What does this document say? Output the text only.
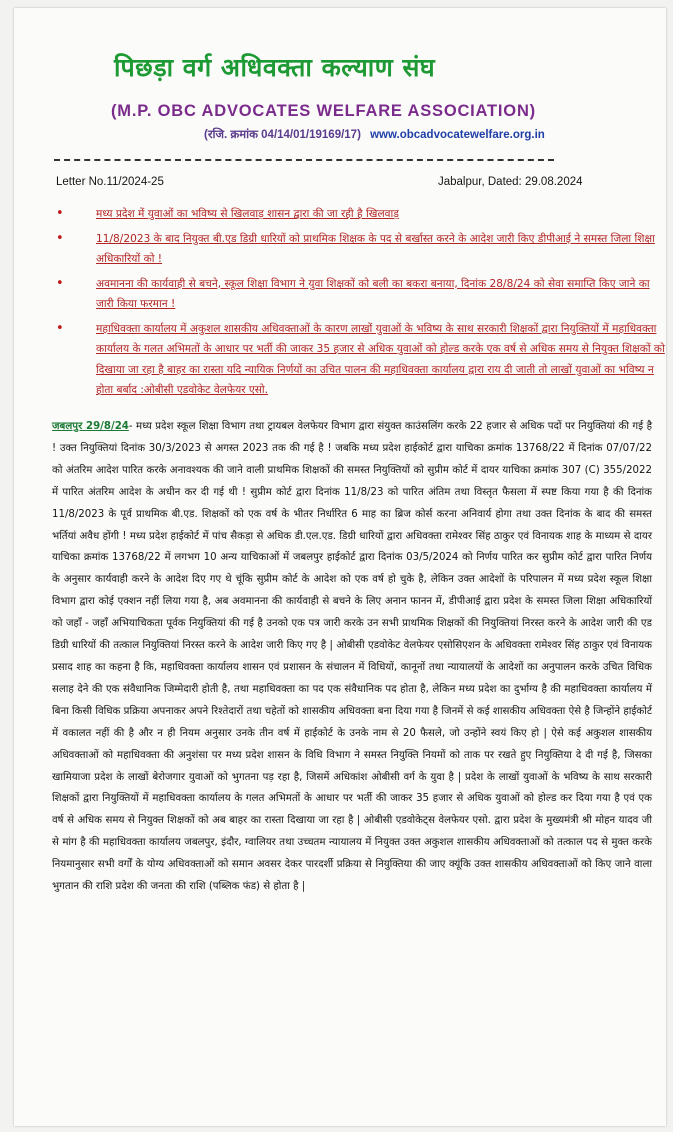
पिछड़ा वर्ग अधिवक्ता कल्याण संघ
(M.P. OBC ADVOCATES WELFARE ASSOCIATION)
(रजि. क्रमांक 04/14/01/19169/17) www.obcadvocatewelfare.org.in
Letter No.11/2024-25	Jabalpur, Dated: 29.08.2024
•	मध्य प्रदेश में युवाओं का भविष्य से खिलवाड़ शासन द्वारा की जा रही है खिलवाड़
•	11/8/2023 के बाद नियुक्त बी.एड डिग्री धारियों को प्राथमिक शिक्षक के पद से बर्खास्त करने के आदेश जारी किए डीपीआई ने समस्त जिला शिक्षा अधिकारियों को !
•	अवमानना की कार्यवाही से बचने, स्कूल शिक्षा विभाग ने युवा शिक्षकों को बली का बकरा बनाया, दिनांक 28/8/24 को सेवा समाप्ति किए जाने का जारी किया फरमान !
•	महाधिवक्ता कार्यालय में अकुशल शासकीय अधिवक्ताओं के कारण लाखों युवाओं के भविष्य के साथ सरकारी शिक्षकों द्वारा नियुक्तियों में महाधिवक्ता कार्यालय के गलत अभिमतों के आधार पर भर्ती की जाकर 35 हजार से अधिक युवाओं को होल्ड करके एक वर्ष से अधिक समय से नियुक्त शिक्षकों को दिखाया जा रहा है बाहर का रास्ता यदि न्यायिक निर्णयों का उचित पालन की महाधिवक्ता कार्यालय द्वारा राय दी जाती तो लाखों युवाओं का भविष्य न होता बर्बाद :ओबीसी एडवोकेट वेलफेयर एसो.
जबलपुर 29/8/24- मध्य प्रदेश स्कूल शिक्षा विभाग तथा ट्रायबल वेलफेयर विभाग द्वारा संयुक्त काउंसलिंग करके 22 हजार से अधिक पदों पर नियुक्तियां की गई है ! उक्त नियुक्तियां दिनांक 30/3/2023 से अगस्त 2023 तक की गई है ! जबकि मध्य प्रदेश हाईकोर्ट द्वारा याचिका क्रमांक 13768/22 में दिनांक 07/07/22 को अंतरिम आदेश पारित करके अनावश्यक की जाने वाली प्राथमिक शिक्षकों की समस्त नियुक्तियों को सुप्रीम कोर्ट में दायर याचिका क्रमांक 307 (C) 355/2022 में पारित अंतरिम आदेश के अधीन कर दी गई थी ! सुप्रीम कोर्ट द्वारा दिनांक 11/8/23 को पारित अंतिम तथा विस्तृत फैसला में स्पष्ट किया गया है की दिनांक 11/8/2023 के पूर्व प्राथमिक बी.एड. शिक्षकों को एक वर्ष के भीतर निर्धारित 6 माह का ब्रिज कोर्स करना अनिवार्य होगा तथा उक्त दिनांक के बाद की समस्त भर्तियां अवैध होंगी ! मध्य प्रदेश हाईकोर्ट में पांच सैकड़ा से अधिक डी.एल.एड. डिग्री धारियों द्वारा अधिवक्ता रामेश्वर सिंह ठाकुर एवं विनायक शाह के माध्यम से दायर याचिका क्रमांक 13768/22 में लगभग 10 अन्य याचिकाओं में जबलपुर हाईकोर्ट द्वारा दिनांक 03/5/2024 को निर्णय पारित कर सुप्रीम कोर्ट द्वारा पारित निर्णय के अनुसार कार्यवाही करने के आदेश दिए गए थे चूंकि सुप्रीम कोर्ट के आदेश को एक वर्ष हो चुके है, लेकिन उक्त आदेशों के परिपालन में मध्य प्रदेश स्कूल शिक्षा विभाग द्वारा कोई एक्शन नहीं लिया गया है, अब अवमानना की कार्यवाही से बचने के लिए अनान फानन में, डीपीआई द्वारा प्रदेश के समस्त जिला शिक्षा अधिकारियों को जहाँ - जहाँ अभियाचिकता पूर्वक नियुक्तियां की गई है उनको एक पत्र जारी करके उन सभी प्राथमिक शिक्षकों की नियुक्तियां निरस्त करने के आदेश जारी की एड डिग्री धारियों की तत्काल नियुक्तियां निरस्त करने के आदेश जारी किए गए है | ओबीसी एडवोकेट वेलफेयर एसोसिएशन के अधिवक्ता रामेश्वर सिंह ठाकुर एवं विनायक प्रसाद शाह का कहना है कि, महाधिवक्ता कार्यालय शासन एवं प्रशासन के संचालन में विधियों, कानूनों तथा न्यायालयों के आदेशों का अनुपालन करके उचित विधिक सलाह देने की एक संवैधानिक जिम्मेदारी होती है, तथा महाधिवक्ता का पद एक संवैधानिक पद होता है, लेकिन मध्य प्रदेश का दुर्भाग्य है की महाधिवक्ता कार्यालय में बिना किसी विधिक प्रक्रिया अपनाकर अपने रिश्तेदारों तथा चहेतों को शासकीय अधिवक्ता बना दिया गया है जिनमें से कई शासकीय अधिवक्ता ऐसे है जिन्होंने हाईकोर्ट में वकालत नहीं की है और न ही नियम अनुसार उनके तीन वर्ष में हाईकोर्ट के उनके नाम से 20 फैसले, जो उन्होंने स्वयं किए हो | ऐसे कई अकुशल शासकीय अधिवक्ताओं को महाधिवक्ता की अनुशंसा पर मध्य प्रदेश शासन के विधि विभाग ने समस्त नियुक्ति नियमों को ताक पर रखते हुए नियुक्तिया दे दी गई है, जिसका खामियाजा प्रदेश के लाखों बेरोजगार युवाओं को भुगतना पड़ रहा है, जिसमें अधिकांश ओबीसी वर्ग के युवा है | प्रदेश के लाखों युवाओं के भविष्य के साथ सरकारी शिक्षकों द्वारा नियुक्तियों में महाधिवक्ता कार्यालय के गलत अभिमतों के आधार पर भर्ती की जाकर 35 हजार से अधिक युवाओं को होल्ड कर दिया गया है एवं एक वर्ष से अधिक समय से नियुक्त शिक्षकों को अब बाहर का रास्ता दिखाया जा रहा है | ओबीसी एडवोकेट्स वेलफेयर एसो. द्वारा प्रदेश के मुख्यमंत्री श्री मोहन यादव जी से मांग है की महाधिवक्ता कार्यालय जबलपुर, इंदौर, ग्वालियर तथा उच्चतम न्यायालय में नियुक्त उक्त अकुशल शासकीय अधिवक्ताओं को तत्काल पद से मुक्त करके नियमानुसार सभी वर्गों के योग्य अधिवक्ताओं को समान अवसर देकर पारदर्शी प्रक्रिया से नियुक्तिया की जाए क्यूंकि उक्त शासकीय अधिवक्ताओं को किए जाने वाला भुगतान की राशि प्रदेश की जनता की राशि (पब्लिक फंड) से होता है |
